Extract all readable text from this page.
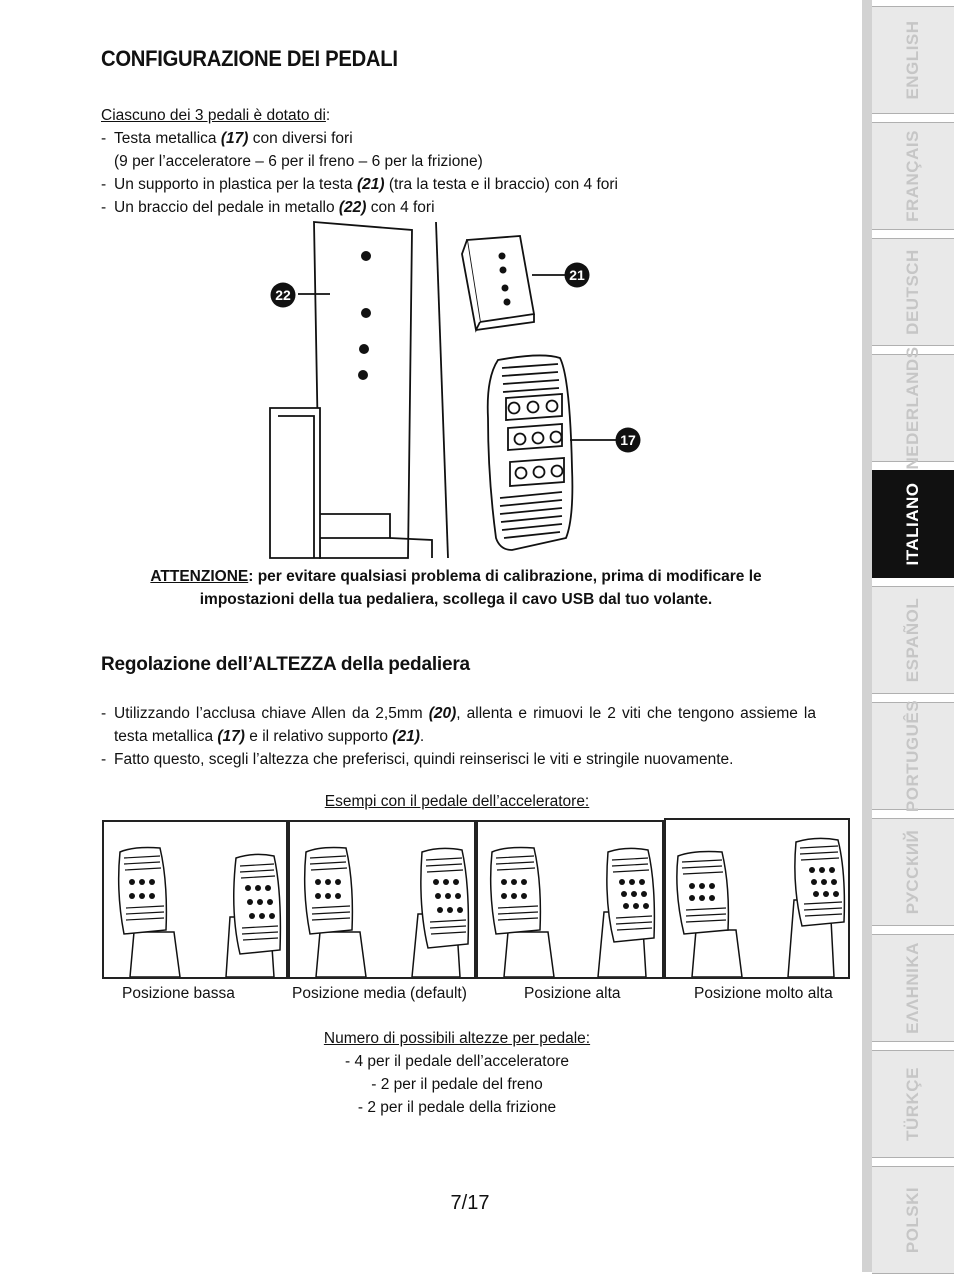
CONFIGURAZIONE DEI PEDALI
Ciascuno dei 3 pedali è dotato di:
- Testa metallica (17) con diversi fori
(9 per l’acceleratore – 6 per il freno – 6 per la frizione)
- Un supporto in plastica per la testa (21) (tra la testa e il braccio) con 4 fori
- Un braccio del pedale in metallo (22) con 4 fori
22
21
17
ATTENZIONE: per evitare qualsiasi problema di calibrazione, prima di modificare le
impostazioni della tua pedaliera, scollega il cavo USB dal tuo volante.
Regolazione dell’ALTEZZA della pedaliera
- Utilizzando l’acclusa chiave Allen da 2,5mm (20), allenta e rimuovi le 2 viti che tengono assieme la testa metallica (17) e il relativo supporto (21).
- Fatto questo, scegli l’altezza che preferisci, quindi reinserisci le viti e stringile nuovamente.
Esempi con il pedale dell’acceleratore:
Posizione bassa	Posizione media (default)	Posizione alta	Posizione molto alta
Numero di possibili altezze per pedale:
- 4 per il pedale dell’acceleratore
- 2 per il pedale del freno
- 2 per il pedale della frizione
7/17
ENGLISH
FRANÇAIS
DEUTSCH
NEDERLANDS
ITALIANO
ESPAÑOL
PORTUGUÊS
РУССКИЙ
ΕΛΛΗΝΙΚΑ
TÜRKÇE
POLSKI
